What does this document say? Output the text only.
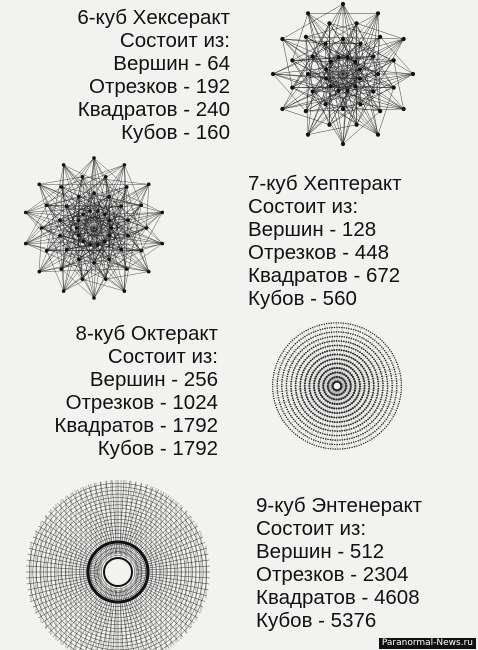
6-куб Хексеракт
Состоит из:
Вершин - 64
Отрезков - 192
Квадратов - 240
Кубов - 160
7-куб Хептеракт
Состоит из:
Вершин - 128
Отрезков - 448
Квадратов - 672
Кубов - 560
8-куб Октеракт
Состоит из:
Вершин - 256
Отрезков - 1024
Квадратов - 1792
Кубов - 1792
9-куб Энтенеракт
Состоит из:
Вершин - 512
Отрезков - 2304
Квадратов - 4608
Кубов - 5376
Paranormal-News.ru
